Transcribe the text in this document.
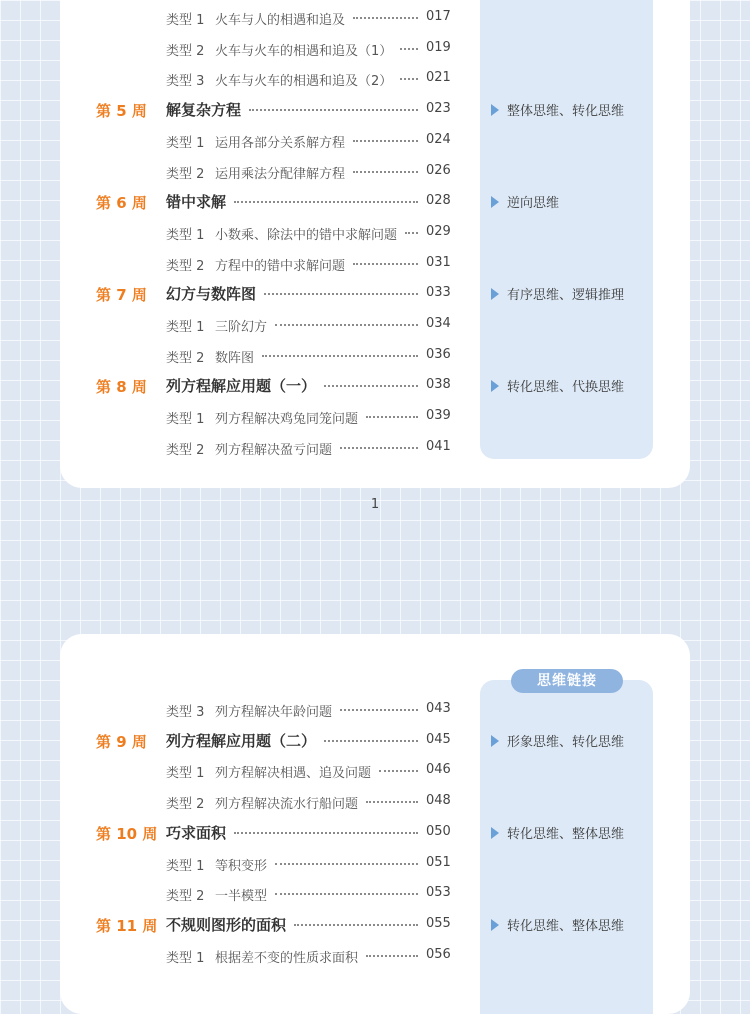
类型 1 火车与人的相遇和追及	017
类型 2 火车与火车的相遇和追及（1）	019
类型 3 火车与火车的相遇和追及（2）	021
第 5 周 解复杂方程	023	整体思维、转化思维
类型 1 运用各部分关系解方程	024
类型 2 运用乘法分配律解方程	026
第 6 周 错中求解	028	逆向思维
类型 1 小数乘、除法中的错中求解问题 029
类型 2 方程中的错中求解问题	031
第 7 周 幻方与数阵图	033	有序思维、逻辑推理
类型 1 三阶幻方	034
类型 2 数阵图	036
第 8 周 列方程解应用题（一）	038	转化思维、代换思维
类型 1 列方程解决鸡兔同笼问题	039
类型 2 列方程解决盈亏问题	041
1
思维链接
类型 3 列方程解决年龄问题	043
第 9 周 列方程解应用题（二）	045	形象思维、转化思维
类型 1 列方程解决相遇、追及问题	046
类型 2 列方程解决流水行船问题	048
第 10 周 巧求面积	050	转化思维、整体思维
类型 1 等积变形	051
类型 2 一半模型	053
第 11 周 不规则图形的面积	055	转化思维、整体思维
类型 1 根据差不变的性质求面积	056
